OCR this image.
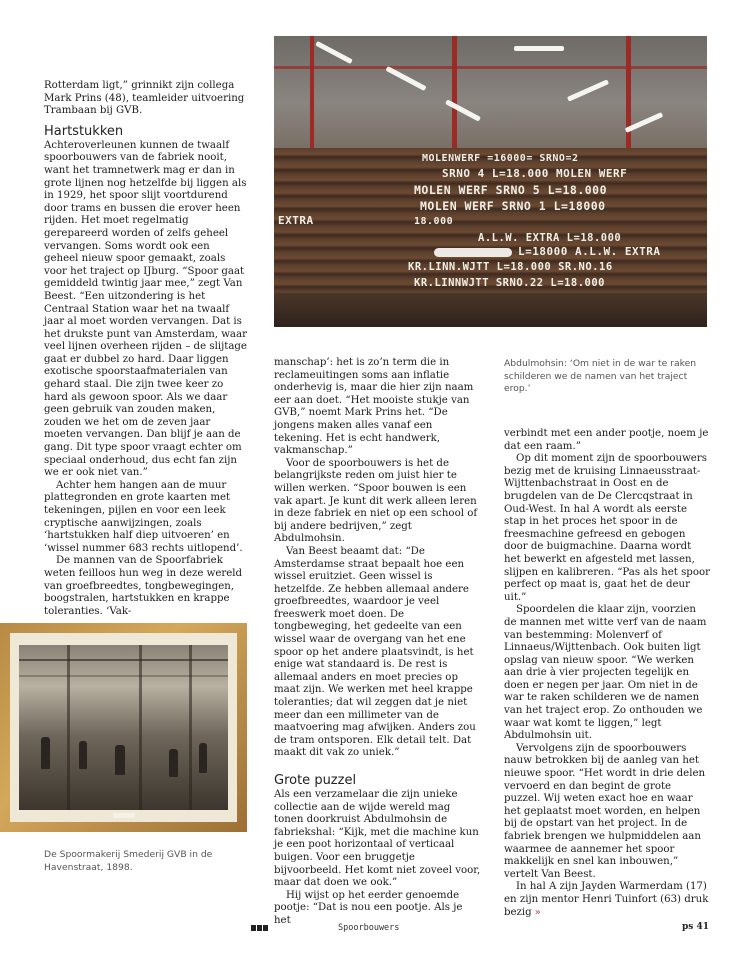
Rotterdam ligt,” grinnikt zijn collega Mark Prins (48), teamleider uitvoering Trambaan bij GVB.

Hartstukken

Achteroverleunen kunnen de twaalf spoorbouwers van de fabriek nooit, want het tramnetwerk mag er dan in grote lijnen nog hetzelfde bij liggen als in 1929, het spoor slijt voortdurend door trams en bussen die erover heen rijden. Het moet regelmatig gerepareerd worden of zelfs geheel vervangen. Soms wordt ook een geheel nieuw spoor gemaakt, zoals voor het traject op IJburg. “Spoor gaat gemiddeld twintig jaar mee,” zegt Van Beest. “Een uitzondering is het Centraal Station waar het na twaalf jaar al moet worden vervangen. Dat is het drukste punt van Amsterdam, waar veel lijnen overheen rijden – de slijtage gaat er dubbel zo hard. Daar liggen exotische spoorstaafmaterialen van gehard staal. Die zijn twee keer zo hard als gewoon spoor. Als we daar geen gebruik van zouden maken, zouden we het om de zeven jaar moeten vervangen. Dan blijf je aan de gang. Dit type spoor vraagt echter om speciaal onderhoud, dus echt fan zijn we er ook niet van.”

Achter hem hangen aan de muur plattegronden en grote kaarten met tekeningen, pijlen en voor een leek cryptische aanwijzingen, zoals ‘hartstukken half diep uitvoeren’ en ‘wissel nummer 683 rechts uitlopend’.

De mannen van de Spoorfabriek weten feilloos hun weg in deze wereld van groefbreedtes, tongbewegingen, boogstralen, hartstukken en krappe toleranties. ‘Vak-

manschap’: het is zo’n term die in reclameuitingen soms aan inflatie onderhevig is, maar die hier zijn naam eer aan doet. “Het mooiste stukje van GVB,” noemt Mark Prins het. “De jongens maken alles vanaf een tekening. Het is echt handwerk, vakmanschap.”

Voor de spoorbouwers is het de belangrijkste reden om juist hier te willen werken. “Spoor bouwen is een vak apart. Je kunt dit werk alleen leren in deze fabriek en niet op een school of bij andere bedrijven,” zegt Abdulmohsin.

Van Beest beaamt dat: “De Amsterdamse straat bepaalt hoe een wissel eruitziet. Geen wissel is hetzelfde. Ze hebben allemaal andere groefbreedtes, waardoor je veel freeswerk moet doen. De tongbeweging, het gedeelte van een wissel waar de overgang van het ene spoor op het andere plaatsvindt, is het enige wat standaard is. De rest is allemaal anders en moet precies op maat zijn. We werken met heel krappe toleranties; dat wil zeggen dat je niet meer dan een millimeter van de maatvoering mag afwijken. Anders zou de tram ontsporen. Elk detail telt. Dat maakt dit vak zo uniek.”

Grote puzzel

Als een verzamelaar die zijn unieke collectie aan de wijde wereld mag tonen doorkruist Abdulmohsin de fabriekshal: “Kijk, met die machine kun je een poot horizontaal of verticaal buigen. Voor een bruggetje bijvoorbeeld. Het komt niet zoveel voor, maar dat doen we ook.”

Hij wijst op het eerder genoemde pootje: “Dat is nou een pootje. Als je het

verbindt met een ander pootje, noem je dat een raam.”

Op dit moment zijn de spoorbouwers bezig met de kruising Linnaeusstraat-Wijttenbachstraat in Oost en de brugdelen van de De Clercqstraat in Oud-West. In hal A wordt als eerste stap in het proces het spoor in de freesmachine gefreesd en gebogen door de buigmachine. Daarna wordt het bewerkt en afgesteld met lassen, slijpen en kalibreren. “Pas als het spoor perfect op maat is, gaat het de deur uit.”

Spoordelen die klaar zijn, voorzien de mannen met witte verf van de naam van bestemming: Molenverf of Linnaeus/Wijttenbach. Ook buiten ligt opslag van nieuw spoor. “We werken aan drie à vier projecten tegelijk en doen er negen per jaar. Om niet in de war te raken schilderen we de namen van het traject erop. Zo onthouden we waar wat komt te liggen,” legt Abdulmohsin uit.

Vervolgens zijn de spoorbouwers nauw betrokken bij de aanleg van het nieuwe spoor. “Het wordt in drie delen vervoerd en dan begint de grote puzzel. Wij weten exact hoe en waar het geplaatst moet worden, en helpen bij de opstart van het project. In de fabriek brengen we hulpmiddelen aan waarmee de aannemer het spoor makkelijk en snel kan inbouwen,” vertelt Van Beest.

In hal A zijn Jayden Warmerdam (17) en zijn mentor Henri Tuinfort (63) druk bezig »

Abdulmohsin: ‘Om niet in de war te raken schilderen we de namen van het traject erop.’
De Spoormakerij Smederij GVB in de Havenstraat, 1898.
MOLENWERF =16000= SRNO=2
SRNO 4 L=18.000 MOLEN WERF
MOLEN WERF SRNO 5 L=18.000
MOLEN WERF SRNO 1 L=18000
EXTRA	18.000
A.L.W. EXTRA L=18.000
L=18000 A.L.W. EXTRA
KR.LINN.WJTT L=18.000 SR.NO.16
KR.LINNWJTT SRNO.22 L=18.000
Spoorbouwers	ps 41
